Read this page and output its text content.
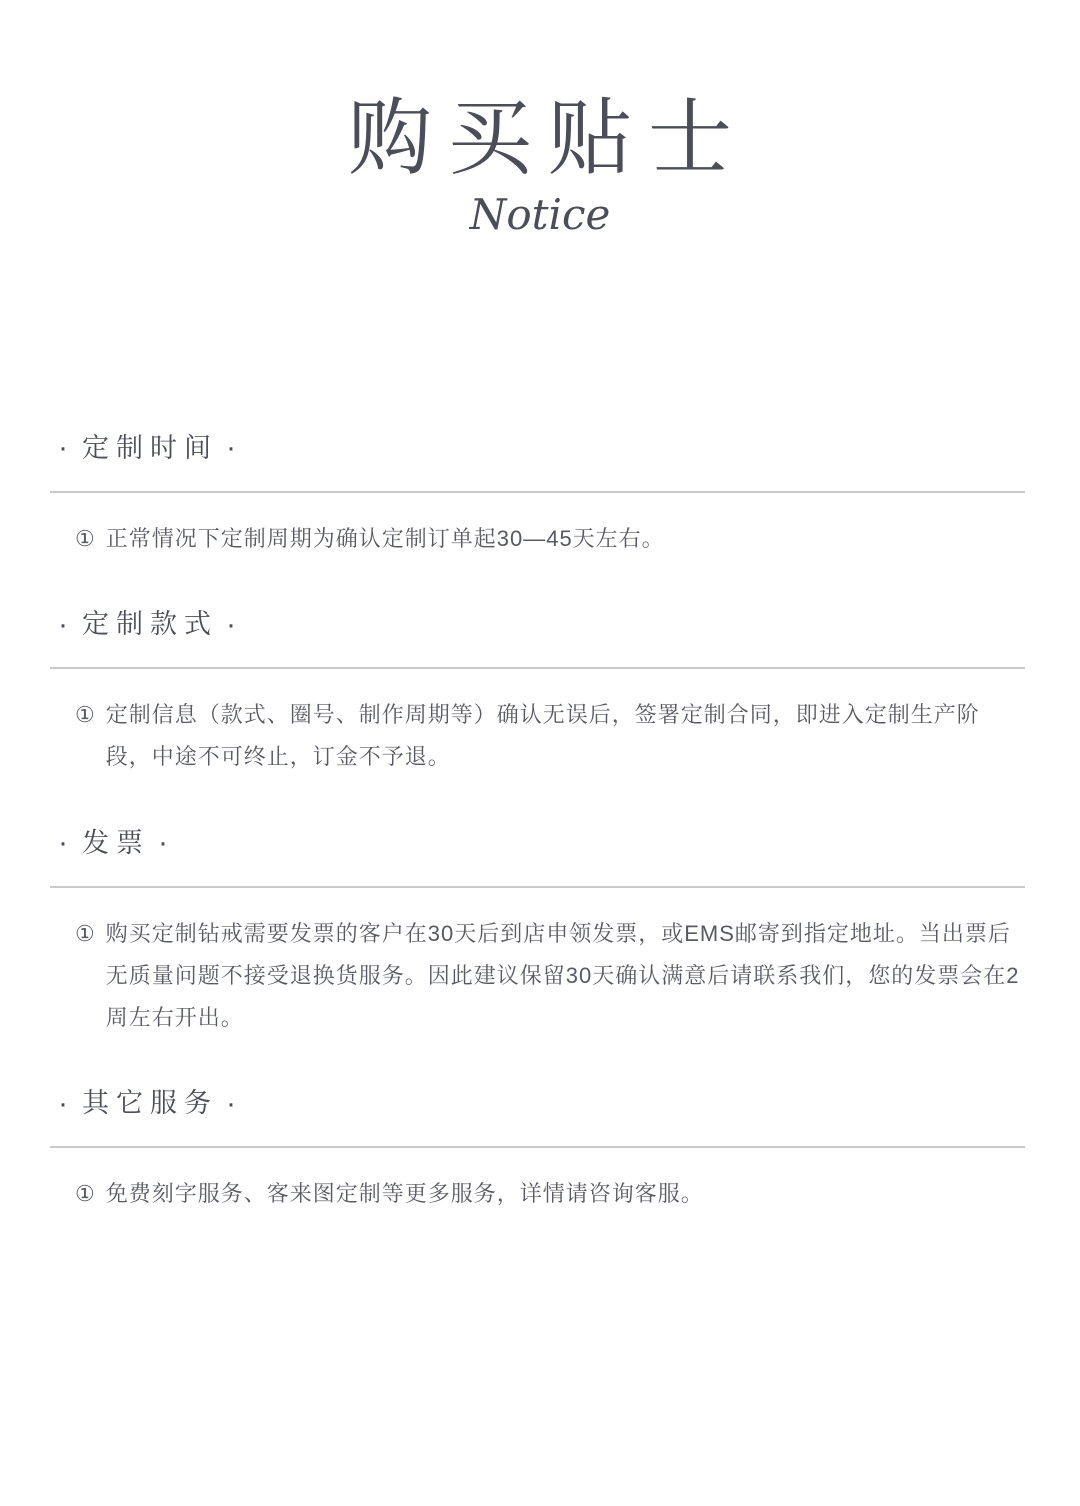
购买贴士
Notice
· 定制时间 ·
① 正常情况下定制周期为确认定制订单起30—45天左右。

· 定制款式 ·
① 定制信息（款式、圈号、制作周期等）确认无误后，签署定制合同，即进入定制生产阶段，中途不可终止，订金不予退。

· 发票 ·
① 购买定制钻戒需要发票的客户在30天后到店申领发票，或EMS邮寄到指定地址。当出票后无质量问题不接受退换货服务。因此建议保留30天确认满意后请联系我们，您的发票会在2周左右开出。

· 其它服务 ·
① 免费刻字服务、客来图定制等更多服务，详情请咨询客服。
